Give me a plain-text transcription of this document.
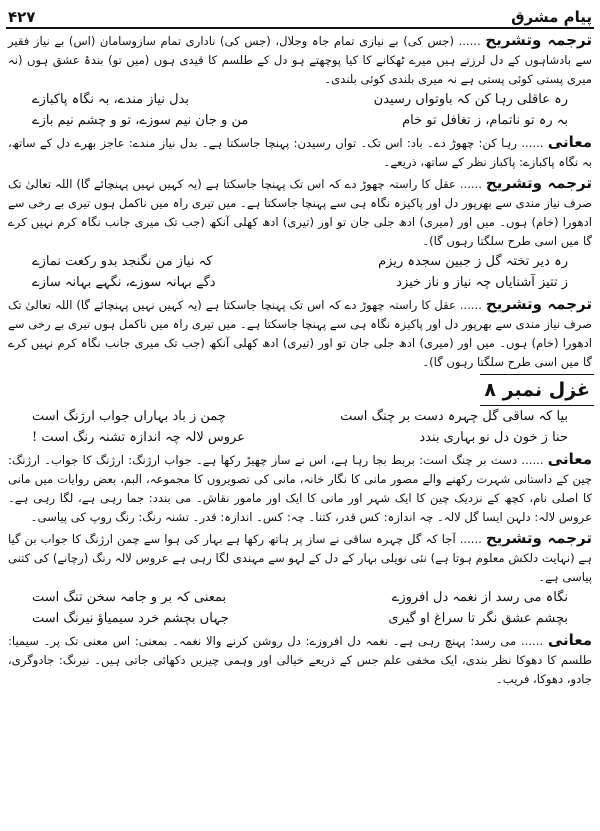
پیامِ مشرق
۴۲۷

ترجمہ وتشریح ...... (جس کی) بے نیازی تمام جاہ وجلال، (جس کی) ناداری تمام سازوسامان (اس) بے نیاز فقیر سے بادشاہوں کے دل لرزتے ہیں میرے ٹھکانے کا کیا پوچھتے ہو دل کے طلسم کا قیدی ہوں (میں تو) بندۂ عشق ہوں (نہ میری پستی کوئی پستی ہے نہ میری بلندی کوئی بلندی۔

رہ عاقلی رہا کن کہ باوتواں رسیدن
بدل نیاز مندے، بہ نگاہ پاکبازے
بہ رہ تو ناتمام، ز تغافل تو خام
من و جان نیم سوزے، تو و چشم نیم بازے

معانی ...... رہا کن: چھوڑ دے۔ باد: اس تک۔ تواں رسیدن: پہنچا جاسکتا ہے۔ بدل نیاز مندے: عاجز بھرے دل کے ساتھ، بہ نگاہ پاکبازے: پاکباز نظر کے ساتھ، ذریعے۔

ترجمہ وتشریح ...... عقل کا راستہ چھوڑ دے کہ اس تک پہنچا جاسکتا ہے (یہ کہیں نہیں پہنچائے گا) اللہ تعالیٰ تک صرف نیاز مندی سے بھرپور دل اور پاکیزہ نگاہ ہی سے پہنچا جاسکتا ہے۔ میں تیری راہ میں ناکمل ہوں تیری بے رخی سے ادھورا (خام) ہوں۔ میں اور (میری) ادھ جلی جان تو اور (تیری) ادھ کھلی آنکھ (جب تک میری جانب نگاہ کرم نہیں کرے گا میں اسی طرح سلگتا رہوں گا)۔

رہ دیر تختہ گل ز جبین سجدہ ریزم
کہ نیاز من نگنجد بدو رکعت نمازے
ز تتیز آشنایاں چہ نیاز و ناز خیزد
دگے بہانہ سوزے، نگہے بہانہ سازے

ترجمہ وتشریح ...... عقل کا راستہ چھوڑ دے کہ اس تک پہنچا جاسکتا ہے (یہ کہیں نہیں پہنچائے گا) اللہ تعالیٰ تک صرف نیاز مندی سے بھرپور دل اور پاکیزہ نگاہ ہی سے پہنچا جاسکتا ہے۔ میں تیری راہ میں ناکمل ہوں تیری بے رخی سے ادھورا (خام) ہوں۔ میں اور (میری) ادھ جلی جان تو اور (تیری) ادھ کھلی آنکھ (جب تک میری جانب نگاہ کرم نہیں کرے گا میں اسی طرح سلگتا رہوں گا)۔

غزل نمبر ۸
بیا کہ ساقی گل چہرہ دست بر چنگ است
چمن ز باد بہاراں جواب ارژنگ است
حنا ز خون دل نو بہاری بندد
عروس لالہ چہ اندازہ تشنہ رنگ است !

معانی ...... دست بر چنگ است: بربط بجا رہا ہے، اس نے ساز چھیڑ رکھا ہے۔ جواب ارژنگ: ارژنگ کا جواب۔ ارژنگ: چین کے داستانی شہرت رکھنے والے مصور مانی کا نگار خانہ، مانی کی تصویروں کا مجموعہ، البم، بعض روایات میں مانی کا اصلی نام، کچھ کے نزدیک چین کا ایک شہر اور مانی کا ایک اور مامور نقاش۔ می بندد: جما رہی ہے، لگا رہی ہے۔ عروس لالہ: دلہن ایسا گل لالہ۔ چہ اندازہ: کس قدر، کتنا۔ چہ: کس۔ اندازہ: قدر۔ تشنہ رنگ: رنگ روپ کی پیاسی۔

ترجمہ وتشریح ...... آجا کہ گل چہرہ ساقی نے ساز پر ہاتھ رکھا ہے بہار کی ہوا سے چمن ارژنگ کا جواب بن گیا ہے (نہایت دلکش معلوم ہوتا ہے) نئی نویلی بہار کے دل کے لہو سے مہندی لگا رہی ہے عروس لالہ رنگ (رچانے) کی کتنی پیاسی ہے۔

نگاہ می رسد از نغمہ دل افروزے
بمعنی کہ بر و جامہ سخن تنگ است
بچشم عشق نگر تا سراغ او گیری
جہاں بچشم خرد سیمیاؤ نیرنگ است

معانی ...... می رسد: پہنچ رہی ہے۔ نغمہ دل افروزے: دل روشن کرنے والا نغمہ۔ بمعنی: اس معنی تک پر۔ سیمیا: طلسم کا دھوکا نظر بندی، ایک مخفی علم جس کے ذریعے خیالی اور وہمی چیزیں دکھائی جاتی ہیں۔ نیرنگ: جادوگری، جادو، دھوکا، فریب۔
